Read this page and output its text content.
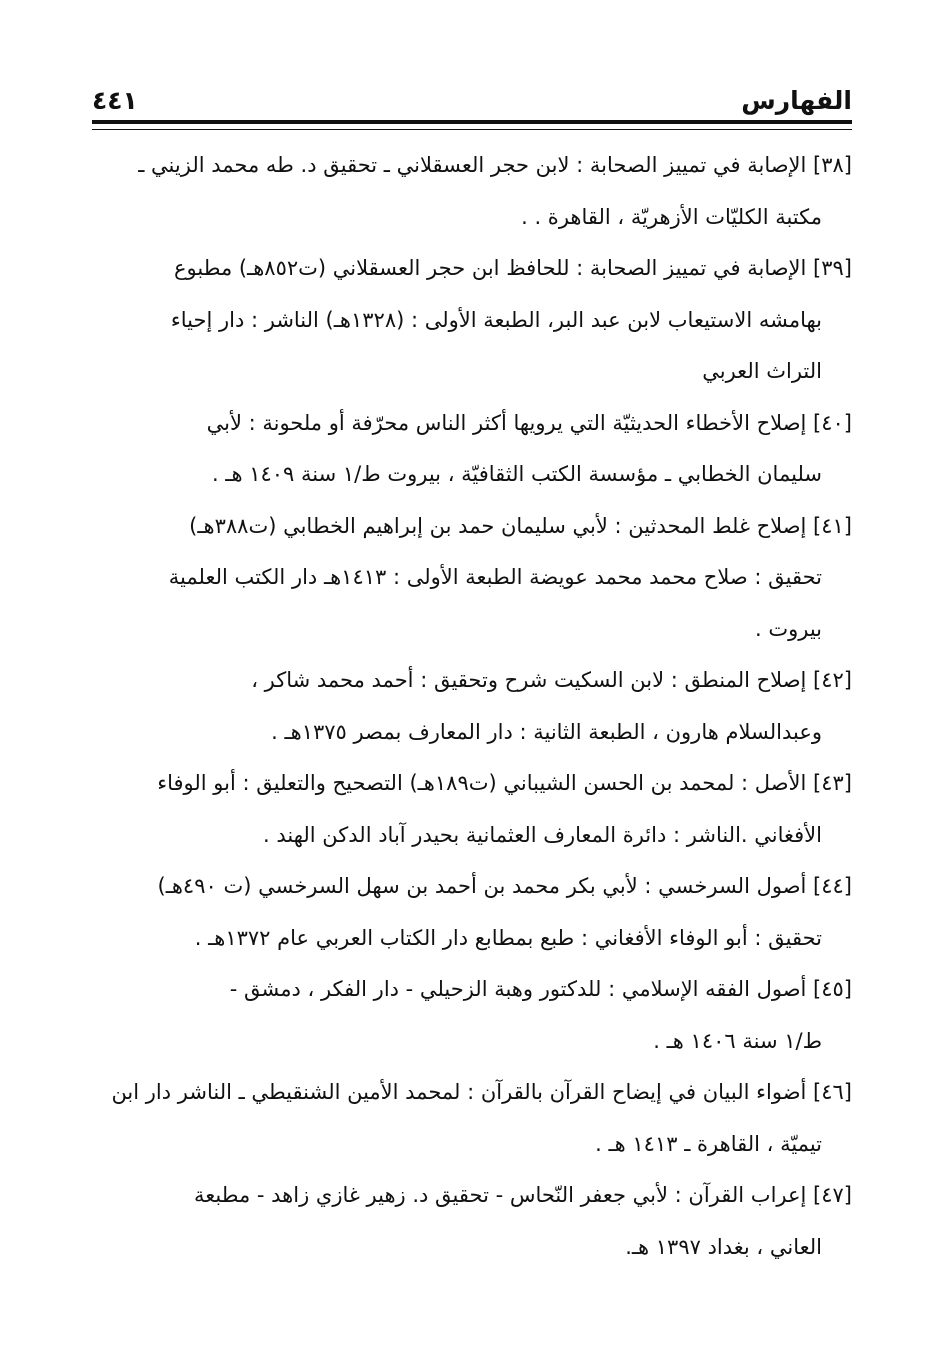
الفهارس
٤٤١
[٣٨] الإصابة في تمييز الصحابة : لابن حجر العسقلاني ـ تحقيق د. طه محمد الزيني ـ
مكتبة الكليّات الأزهريّة ، القاهرة . .
[٣٩] الإصابة في تمييز الصحابة : للحافظ ابن حجر العسقلاني (ت٨٥٢هـ) مطبوع
بهامشه الاستيعاب لابن عبد البر، الطبعة الأولى : (١٣٢٨هـ) الناشر : دار إحياء
التراث العربي
[٤٠] إصلاح الأخطاء الحديثيّة التي يرويها أكثر الناس محرّفة أو ملحونة : لأبي
سليمان الخطابي ـ مؤسسة الكتب الثقافيّة ، بيروت ط/١ سنة ١٤٠٩ هـ .
[٤١] إصلاح غلط المحدثين : لأبي سليمان حمد بن إبراهيم الخطابي (ت٣٨٨هـ)
تحقيق : صلاح محمد محمد عويضة الطبعة الأولى : ١٤١٣هـ دار الكتب العلمية
بيروت .
[٤٢] إصلاح المنطق : لابن السكيت شرح وتحقيق : أحمد محمد شاكر ،
وعبدالسلام هارون ، الطبعة الثانية : دار المعارف بمصر ١٣٧٥هـ .
[٤٣] الأصل : لمحمد بن الحسن الشيباني (ت١٨٩هـ) التصحيح والتعليق : أبو الوفاء
الأفغاني .الناشر : دائرة المعارف العثمانية بحيدر آباد الدكن الهند .
[٤٤] أصول السرخسي : لأبي بكر محمد بن أحمد بن سهل السرخسي (ت ٤٩٠هـ)
تحقيق : أبو الوفاء الأفغاني : طبع بمطابع دار الكتاب العربي عام ١٣٧٢هـ .
[٤٥] أصول الفقه الإسلامي : للدكتور وهبة الزحيلي - دار الفكر ، دمشق -
ط/١ سنة ١٤٠٦ هـ .
[٤٦] أضواء البيان في إيضاح القرآن بالقرآن : لمحمد الأمين الشنقيطي ـ الناشر دار ابن
تيميّة ، القاهرة ـ ١٤١٣ هـ .
[٤٧] إعراب القرآن : لأبي جعفر النّحاس - تحقيق د. زهير غازي زاهد - مطبعة
العاني ، بغداد ١٣٩٧ هـ.
